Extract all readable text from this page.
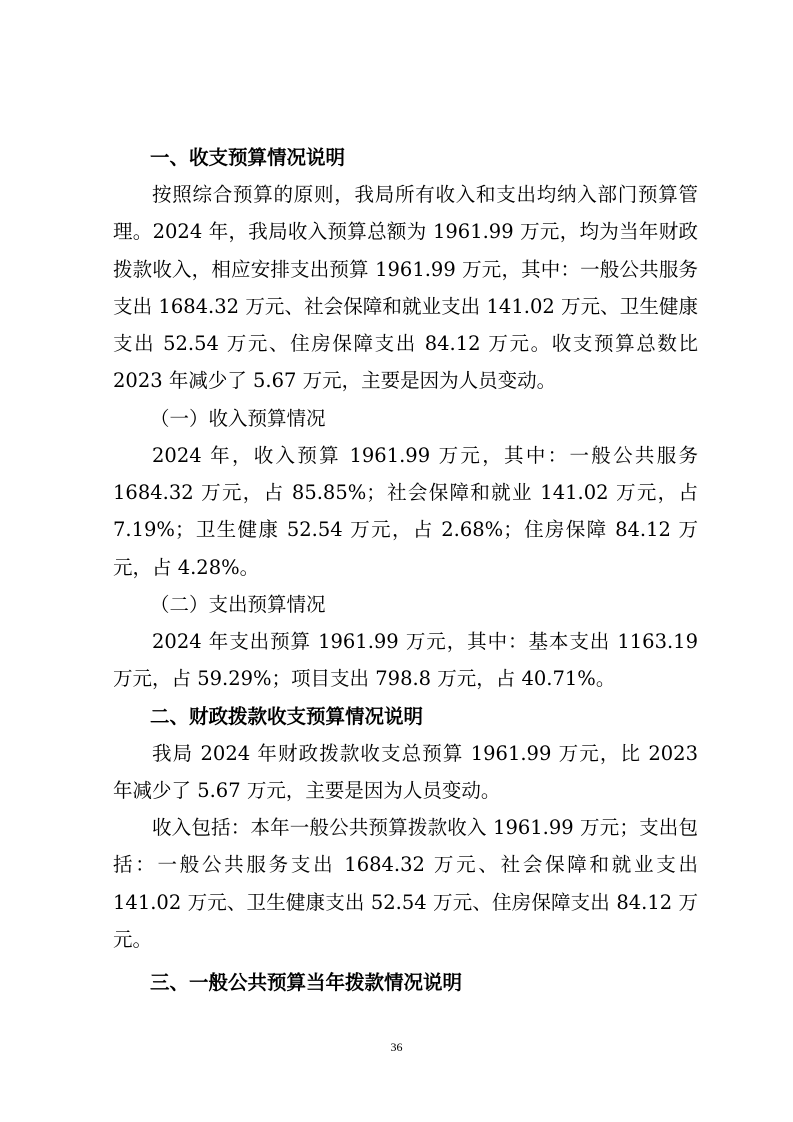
一、收支预算情况说明

按照综合预算的原则，我局所有收入和支出均纳入部门预算管理。2024 年，我局收入预算总额为 1961.99 万元，均为当年财政拨款收入，相应安排支出预算 1961.99 万元，其中：一般公共服务支出 1684.32 万元、社会保障和就业支出 141.02 万元、卫生健康支出 52.54 万元、住房保障支出 84.12 万元。收支预算总数比 2023 年减少了 5.67 万元，主要是因为人员变动。

（一）收入预算情况

2024 年，收入预算 1961.99 万元，其中：一般公共服务 1684.32 万元，占 85.85%；社会保障和就业 141.02 万元，占 7.19%；卫生健康 52.54 万元，占 2.68%；住房保障 84.12 万元，占 4.28%。

（二）支出预算情况

2024 年支出预算 1961.99 万元，其中：基本支出 1163.19 万元，占 59.29%；项目支出 798.8 万元，占 40.71%。

二、财政拨款收支预算情况说明

我局 2024 年财政拨款收支总预算 1961.99 万元，比 2023 年减少了 5.67 万元，主要是因为人员变动。

收入包括：本年一般公共预算拨款收入 1961.99 万元；支出包括：一般公共服务支出 1684.32 万元、社会保障和就业支出 141.02 万元、卫生健康支出 52.54 万元、住房保障支出 84.12 万元。

三、一般公共预算当年拨款情况说明
36
